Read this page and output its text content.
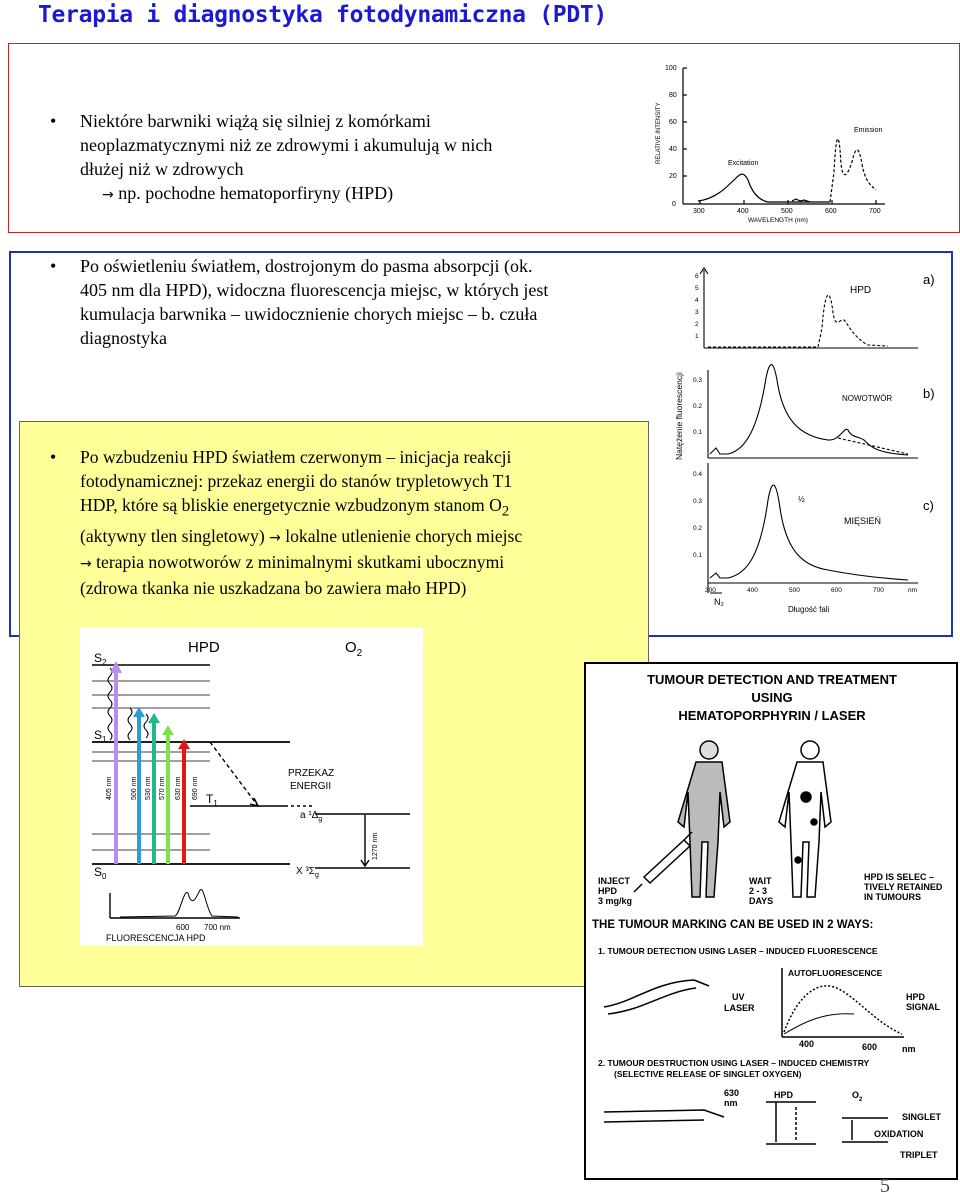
Terapia i diagnostyka fotodynamiczna (PDT)
• Niektóre barwniki wiążą się silniej z komórkami
neoplazmatycznymi niż ze zdrowymi i akumulują w nich
dłużej niż w zdrowych
→ np. pochodne hematoporfiryny (HPD)
100
80
60
40
20
0
300	400	500	600	700
WAVELENGTH (nm)
RELATIVE INTENSITY	Excitation
Emission
• Po oświetleniu światłem, dostrojonym do pasma absorpcji (ok.
405 nm dla HPD), widoczna fluorescencja miejsc, w których jest
kumulacja barwnika – uwidocznienie chorych miejsc – b. czuła
diagnostyka
6
5
4
3
2
1
0.3
0.2
0.1
0.4
0.3
0.2
0.1
300	400	500	600	700	nm
Długość fali
N₂
Natężenie fluorescencji
HPD
a)
NOWOTWÓR b)
½
MIĘSIEŃ
c)
• Po wzbudzeniu HPD światłem czerwonym – inicjacja reakcji
fotodynamicznej: przekaz energii do stanów trypletowych T1
HDP, które są bliskie energetycznie wzbudzonym stanom $O_2$
(aktywny tlen singletowy) → lokalne utlenienie chorych miejsc
→ terapia nowotworów z minimalnymi skutkami ubocznymi
(zdrowa tkanka nie uszkadzana bo zawiera mało HPD)
HPD	$O_2$
$S_2$
$S_1$
$S_0$
$T_1$
405 nm	500 nm 530 nm 570 nm 630 nm 690 nm
1270 nm
PRZEKAZ
ENERGII
a $^1\Delta_g$
X $^3\Sigma_g$
600 700 nm
FLUORESCENCJA HPD
TUMOUR DETECTION AND TREATMENT
USING
HEMATOPORPHYRIN / LASER
INJECT
HPD
3 mg/kg
WAIT
2 - 3
DAYS
HPD IS SELEC –
TIVELY RETAINED
IN TUMOURS
THE TUMOUR MARKING CAN BE USED IN 2 WAYS:
1. TUMOUR DETECTION USING LASER – INDUCED FLUORESCENCE
AUTOFLUORESCENCE
UV
LASER
HPD
SIGNAL
400	600	nm
2. TUMOUR DESTRUCTION USING LASER – INDUCED CHEMISTRY
(SELECTIVE RELEASE OF SINGLET OXYGEN)
630
nm
HPD	$O_2$
SINGLET
OXIDATION
TRIPLET
5
